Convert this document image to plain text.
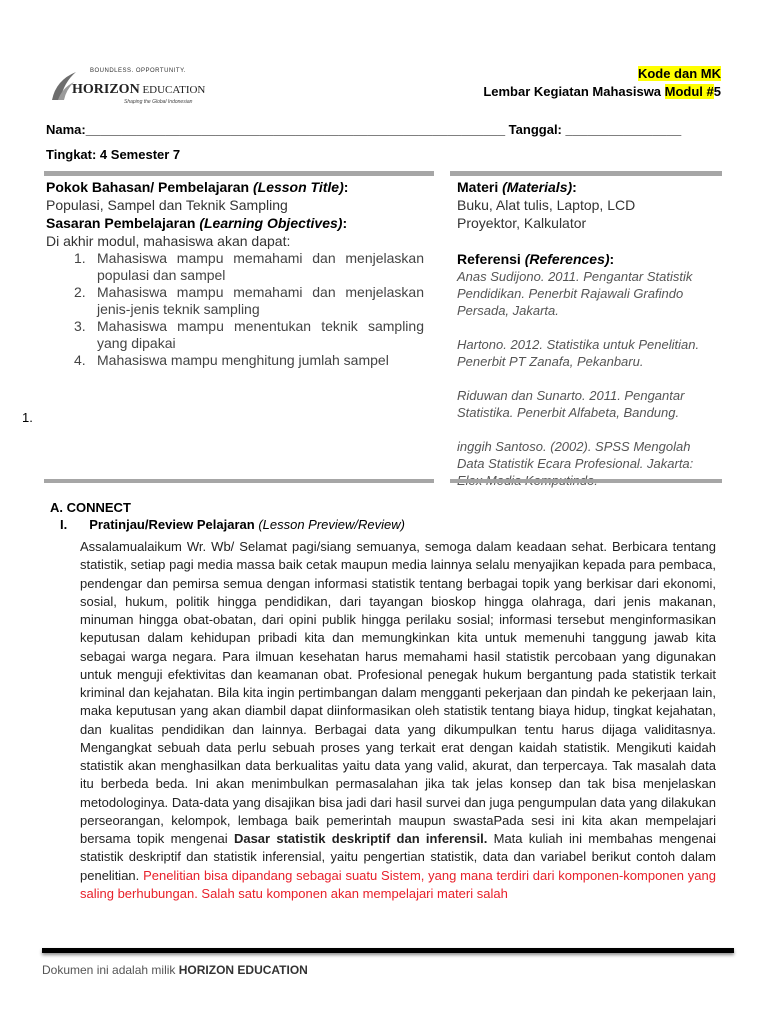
BOUNDLESS. OPPORTUNITY.
HORIZON EDUCATION
Shaping the Global Indonesian
Kode dan MK
Lembar Kegiatan Mahasiswa Modul #5
Nama:__________________________________________________________ Tanggal: ________________
Tingkat: 4 Semester 7
Pokok Bahasan/ Pembelajaran (Lesson Title):
Populasi, Sampel dan Teknik Sampling
Sasaran Pembelajaran (Learning Objectives):
Di akhir modul, mahasiswa akan dapat:
1. Mahasiswa mampu memahami dan menjelaskan populasi dan sampel
2. Mahasiswa mampu memahami dan menjelaskan jenis-jenis teknik sampling
3. Mahasiswa mampu menentukan teknik sampling yang dipakai
4. Mahasiswa mampu menghitung jumlah sampel
Materi (Materials):
Buku, Alat tulis, Laptop, LCD Proyektor, Kalkulator
Referensi (References):
Anas Sudijono. 2011. Pengantar Statistik Pendidikan. Penerbit Rajawali Grafindo Persada, Jakarta.
Hartono. 2012. Statistika untuk Penelitian. Penerbit PT Zanafa, Pekanbaru.
Riduwan dan Sunarto. 2011. Pengantar Statistika. Penerbit Alfabeta, Bandung.
inggih Santoso. (2002). SPSS Mengolah Data Statistik Ecara Profesional. Jakarta:
1.
A. CONNECT
I. Pratinjau/Review Pelajaran (Lesson Preview/Review)
Assalamualaikum Wr. Wb/ Selamat pagi/siang semuanya, semoga dalam keadaan sehat. Berbicara tentang statistik, setiap pagi media massa baik cetak maupun media lainnya selalu menyajikan kepada para pembaca, pendengar dan pemirsa semua dengan informasi statistik tentang berbagai topik yang berkisar dari ekonomi, sosial, hukum, politik hingga pendidikan, dari tayangan bioskop hingga olahraga, dari jenis makanan, minuman hingga obat-obatan, dari opini publik hingga perilaku sosial; informasi tersebut menginformasikan keputusan dalam kehidupan pribadi kita dan memungkinkan kita untuk memenuhi tanggung jawab kita sebagai warga negara. Para ilmuan kesehatan harus memahami hasil statistik percobaan yang digunakan untuk menguji efektivitas dan keamanan obat. Profesional penegak hukum bergantung pada statistik terkait kriminal dan kejahatan. Bila kita ingin pertimbangan dalam mengganti pekerjaan dan pindah ke pekerjaan lain, maka keputusan yang akan diambil dapat diinformasikan oleh statistik tentang biaya hidup, tingkat kejahatan, dan kualitas pendidikan dan lainnya. Berbagai data yang dikumpulkan tentu harus dijaga validitasnya. Mengangkat sebuah data perlu sebuah proses yang terkait erat dengan kaidah statistik. Mengikuti kaidah statistik akan menghasilkan data berkualitas yaitu data yang valid, akurat, dan terpercaya. Tak masalah data itu berbeda beda. Ini akan menimbulkan permasalahan jika tak jelas konsep dan tak bisa menjelaskan metodologinya. Data-data yang disajikan bisa jadi dari hasil survei dan juga pengumpulan data yang dilakukan perseorangan, kelompok, lembaga baik pemerintah maupun swastaPada sesi ini kita akan mempelajari bersama topik mengenai Dasar statistik deskriptif dan inferensil. Mata kuliah ini membahas mengenai statistik deskriptif dan statistik inferensial, yaitu pengertian statistik, data dan variabel berikut contoh dalam penelitian. Penelitian bisa dipandang sebagai suatu Sistem, yang mana terdiri dari komponen-komponen yang saling berhubungan. Salah satu komponen akan mempelajari materi salah
Dokumen ini adalah milik HORIZON EDUCATION
